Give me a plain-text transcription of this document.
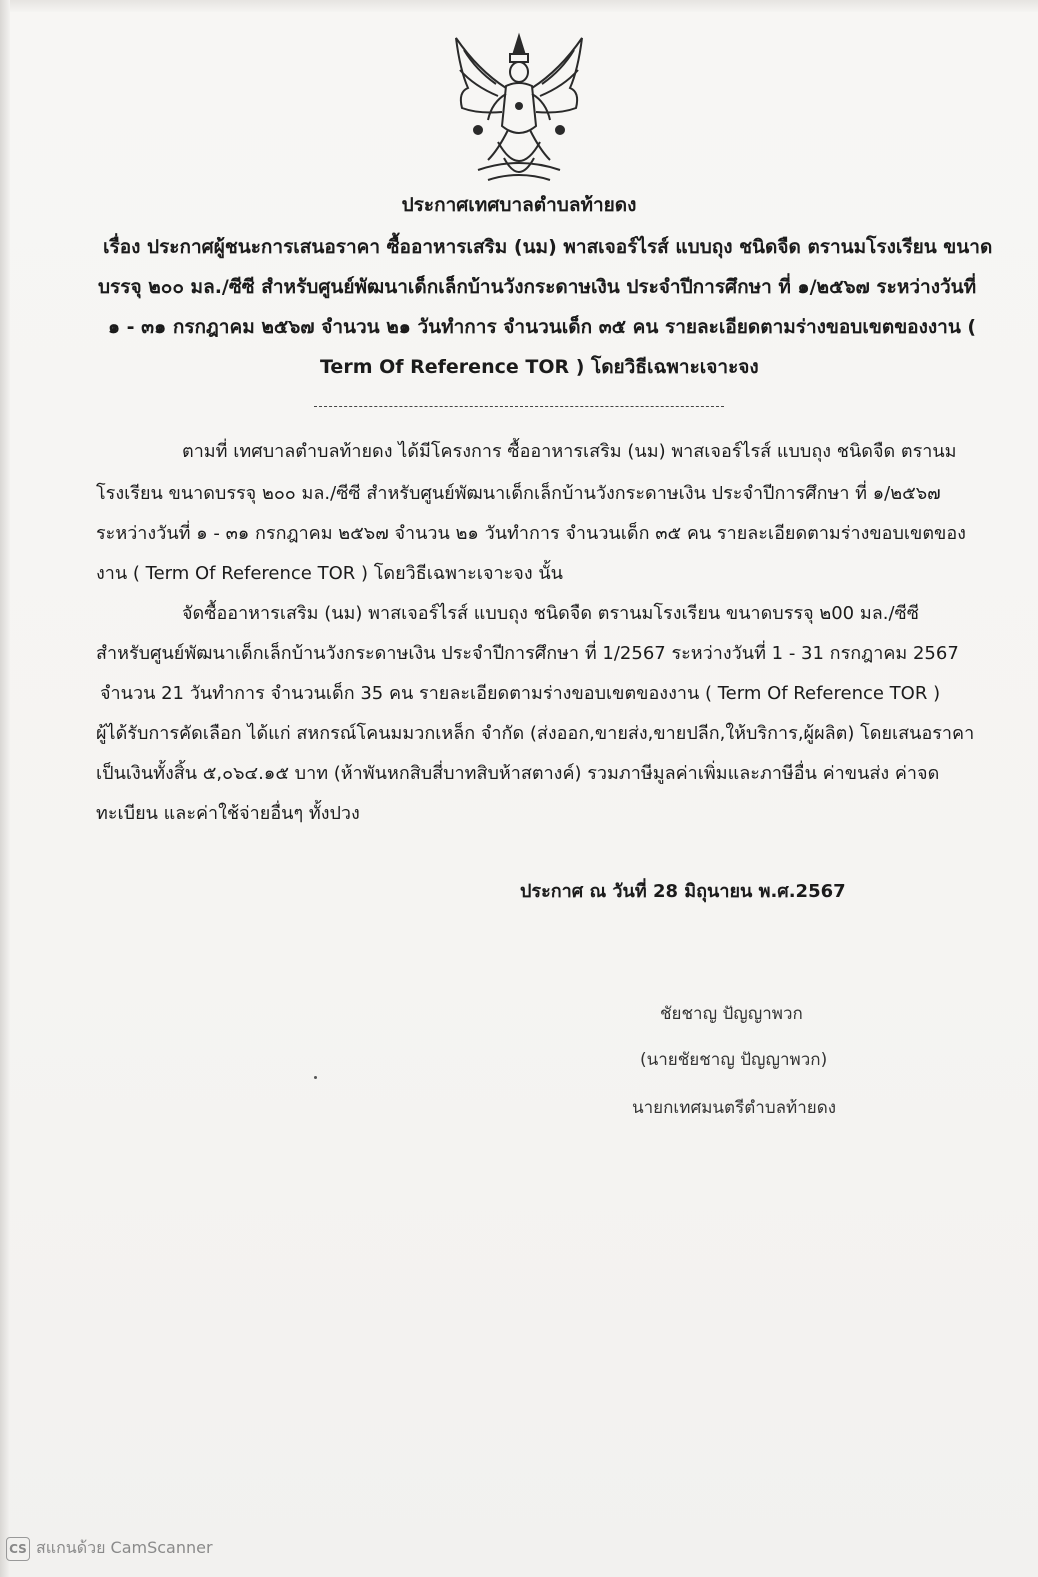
ประกาศเทศบาลตำบลท้ายดง
เรื่อง ประกาศผู้ชนะการเสนอราคา ซื้ออาหารเสริม (นม) พาสเจอร์ไรส์ แบบถุง ชนิดจืด ตรานมโรงเรียน ขนาด
บรรจุ ๒๐๐ มล./ซีซี สำหรับศูนย์พัฒนาเด็กเล็กบ้านวังกระดาษเงิน ประจำปีการศึกษา ที่ ๑/๒๕๖๗ ระหว่างวันที่
๑ - ๓๑ กรกฎาคม ๒๕๖๗ จำนวน ๒๑ วันทำการ จำนวนเด็ก ๓๕ คน รายละเอียดตามร่างขอบเขตของงาน (
Term Of Reference TOR ) โดยวิธีเฉพาะเจาะจง
ตามที่ เทศบาลตำบลท้ายดง ได้มีโครงการ ซื้ออาหารเสริม (นม) พาสเจอร์ไรส์ แบบถุง ชนิดจืด ตรานม
โรงเรียน ขนาดบรรจุ ๒๐๐ มล./ซีซี สำหรับศูนย์พัฒนาเด็กเล็กบ้านวังกระดาษเงิน ประจำปีการศึกษา ที่ ๑/๒๕๖๗
ระหว่างวันที่ ๑ - ๓๑ กรกฎาคม ๒๕๖๗ จำนวน ๒๑ วันทำการ จำนวนเด็ก ๓๕ คน รายละเอียดตามร่างขอบเขตของ
งาน ( Term Of Reference TOR ) โดยวิธีเฉพาะเจาะจง นั้น
จัดซื้ออาหารเสริม (นม) พาสเจอร์ไรส์ แบบถุง ชนิดจืด ตรานมโรงเรียน ขนาดบรรจุ ๒00 มล./ซีซี
สำหรับศูนย์พัฒนาเด็กเล็กบ้านวังกระดาษเงิน ประจำปีการศึกษา ที่ 1/2567 ระหว่างวันที่ 1 - 31 กรกฎาคม 2567
จำนวน 21 วันทำการ จำนวนเด็ก 35 คน รายละเอียดตามร่างขอบเขตของงาน ( Term Of Reference TOR )
ผู้ได้รับการคัดเลือก ได้แก่ สหกรณ์โคนมมวกเหล็ก จำกัด (ส่งออก,ขายส่ง,ขายปลีก,ให้บริการ,ผู้ผลิต) โดยเสนอราคา
เป็นเงินทั้งสิ้น ๕,๐๖๔.๑๕ บาท (ห้าพันหกสิบสี่บาทสิบห้าสตางค์) รวมภาษีมูลค่าเพิ่มและภาษีอื่น ค่าขนส่ง ค่าจด
ทะเบียน และค่าใช้จ่ายอื่นๆ ทั้งปวง
ประกาศ ณ วันที่ 28 มิถุนายน พ.ศ.2567
ชัยชาญ ปัญญาพวก
(นายชัยชาญ ปัญญาพวก)
นายกเทศมนตรีตำบลท้ายดง
CS สแกนด้วย CamScanner
